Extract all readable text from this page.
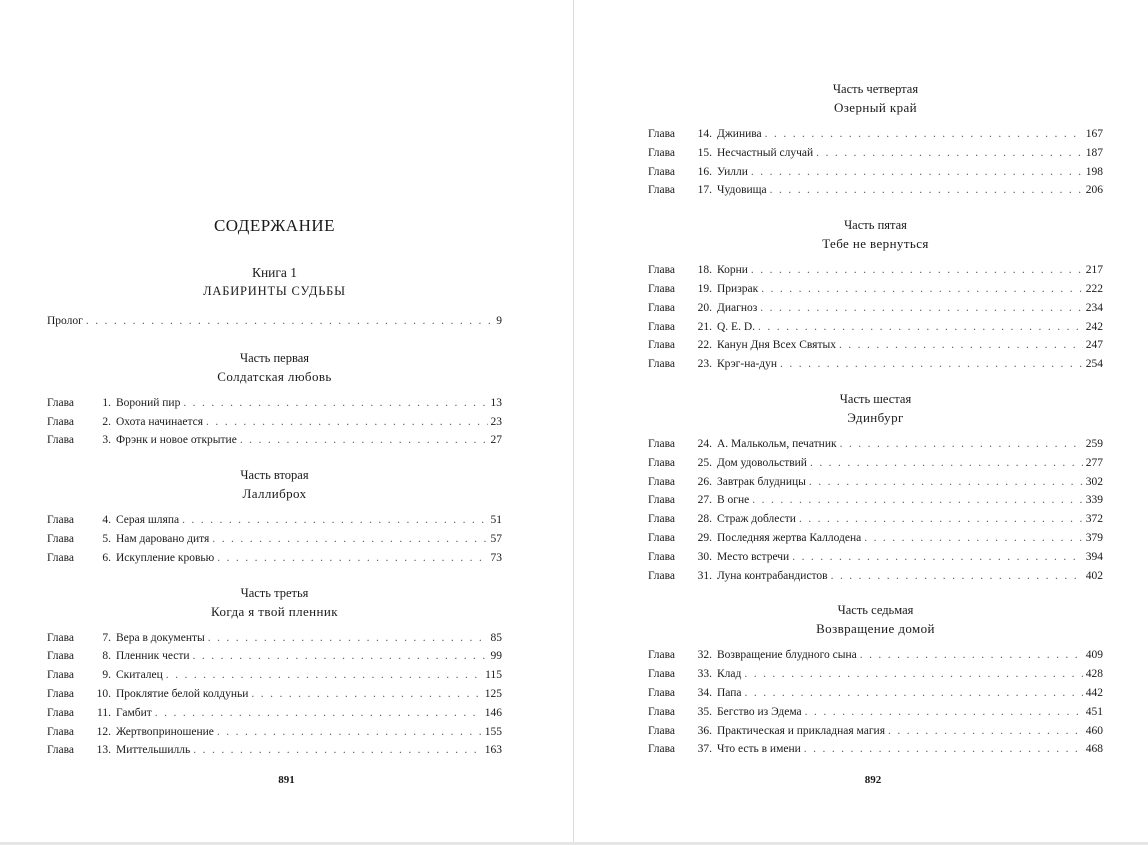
СОДЕРЖАНИЕ
Книга 1
ЛАБИРИНТЫ СУДЬБЫ
Пролог . . .	9
Часть первая
Солдатская любовь
Глава	1. Вороний пир . . .	13
Глава	2. Охота начинается . . .	23
Глава	3. Фрэнк и новое открытие . . .	27
Часть вторая
Лаллиброх
Глава	4. Серая шляпа . . .	51
Глава	5. Нам даровано дитя . . .	57
Глава	6. Искупление кровью . . .	73
Часть третья
Когда я твой пленник
Глава	7. Вера в документы . . .	85
Глава	8. Пленник чести . . .	99
Глава	9. Скиталец . . .	115
Глава	10. Проклятие белой колдуньи . . .	125
Глава	11. Гамбит . . .	146
Глава	12. Жертвоприношение . . .	155
Глава	13. Миттельшилль . . .	163
891
Часть четвертая
Озерный край
Глава	14. Джинива . . .	167
Глава	15. Несчастный случай . . .	187
Глава	16. Уилли . . .	198
Глава	17. Чудовища . . .	206
Часть пятая
Тебе не вернуться
Глава	18. Корни . . .	217
Глава	19. Призрак . . .	222
Глава	20. Диагноз . . .	234
Глава	21. Q. E. D. . . .	242
Глава	22. Канун Дня Всех Святых . . .	247
Глава	23. Крэг-на-дун . . .	254
Часть шестая
Эдинбург
Глава	24. А. Малькольм, печатник . . .	259
Глава	25. Дом удовольствий . . .	277
Глава	26. Завтрак блудницы . . .	302
Глава	27. В огне . . .	339
Глава	28. Страж доблести . . .	372
Глава	29. Последняя жертва Каллодена . . .	379
Глава	30. Место встречи . . .	394
Глава	31. Луна контрабандистов . . .	402
Часть седьмая
Возвращение домой
Глава	32. Возвращение блудного сына . . .	409
Глава	33. Клад . . .	428
Глава	34. Папа . . .	442
Глава	35. Бегство из Эдема . . .	451
Глава	36. Практическая и прикладная магия . . .	460
Глава	37. Что есть в имени . . .	468
892
